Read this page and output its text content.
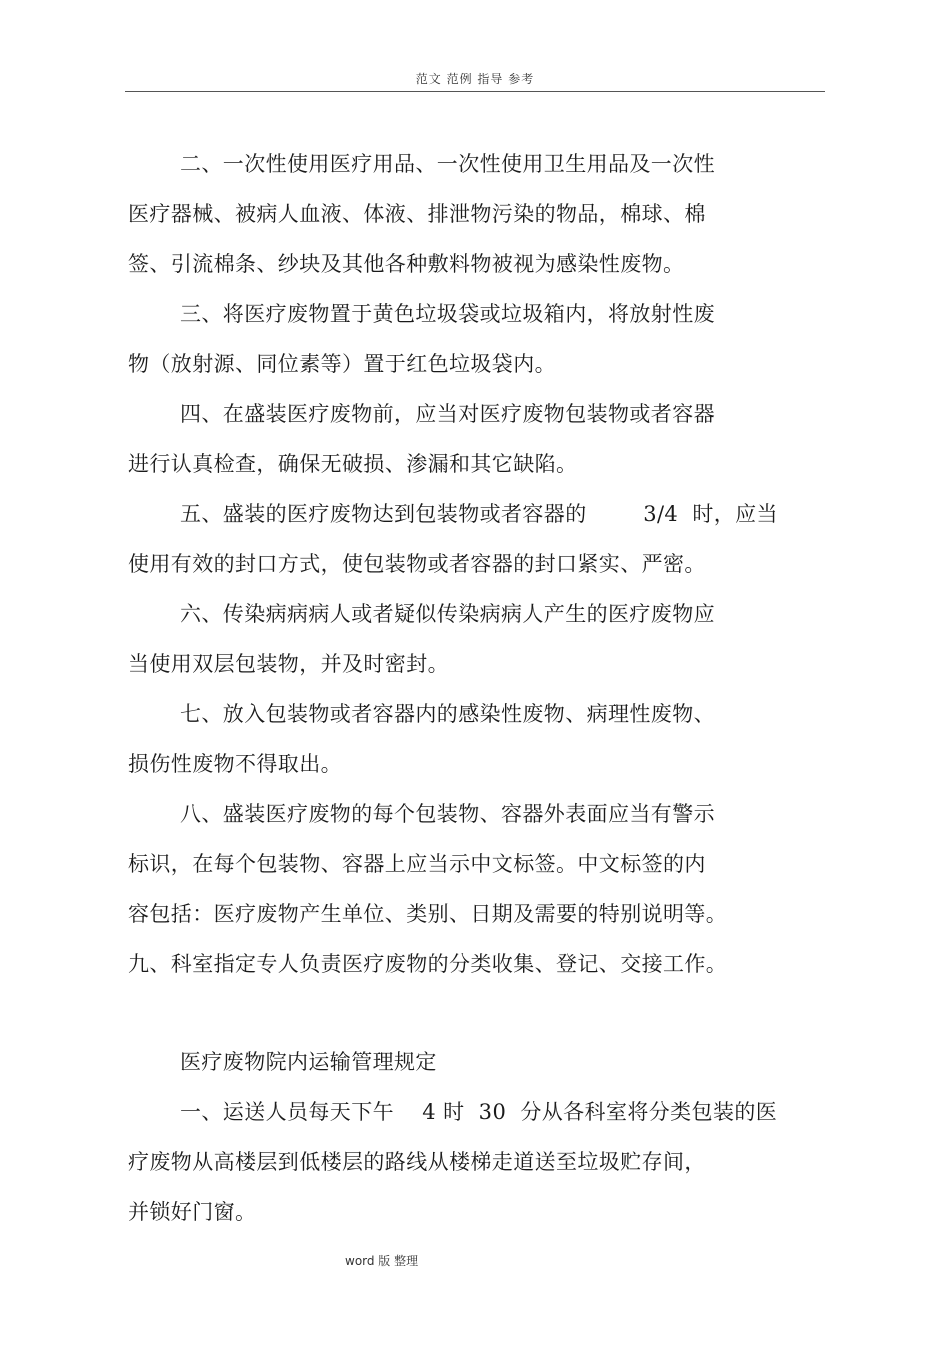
范文 范例 指导 参考
二、一次性使用医疗用品、一次性使用卫生用品及一次性
医疗器械、被病人血液、体液、排泄物污染的物品，棉球、棉
签、引流棉条、纱块及其他各种敷料物被视为感染性废物。
三、将医疗废物置于黄色垃圾袋或垃圾箱内，将放射性废
物（放射源、同位素等）置于红色垃圾袋内。
四、在盛装医疗废物前，应当对医疗废物包装物或者容器
进行认真检查，确保无破损、渗漏和其它缺陷。
五、盛装的医疗废物达到包装物或者容器的        3/4  时，应当
使用有效的封口方式，使包装物或者容器的封口紧实、严密。
六、传染病病病人或者疑似传染病病人产生的医疗废物应
当使用双层包装物，并及时密封。
七、放入包装物或者容器内的感染性废物、病理性废物、
损伤性废物不得取出。
八、盛装医疗废物的每个包装物、容器外表面应当有警示
标识，在每个包装物、容器上应当示中文标签。中文标签的内
容包括：医疗废物产生单位、类别、日期及需要的特别说明等。
九、科室指定专人负责医疗废物的分类收集、登记、交接工作。
医疗废物院内运输管理规定
一、运送人员每天下午    4 时  30  分从各科室将分类包装的医
疗废物从高楼层到低楼层的路线从楼梯走道送至垃圾贮存间，
并锁好门窗。
word 版 整理
